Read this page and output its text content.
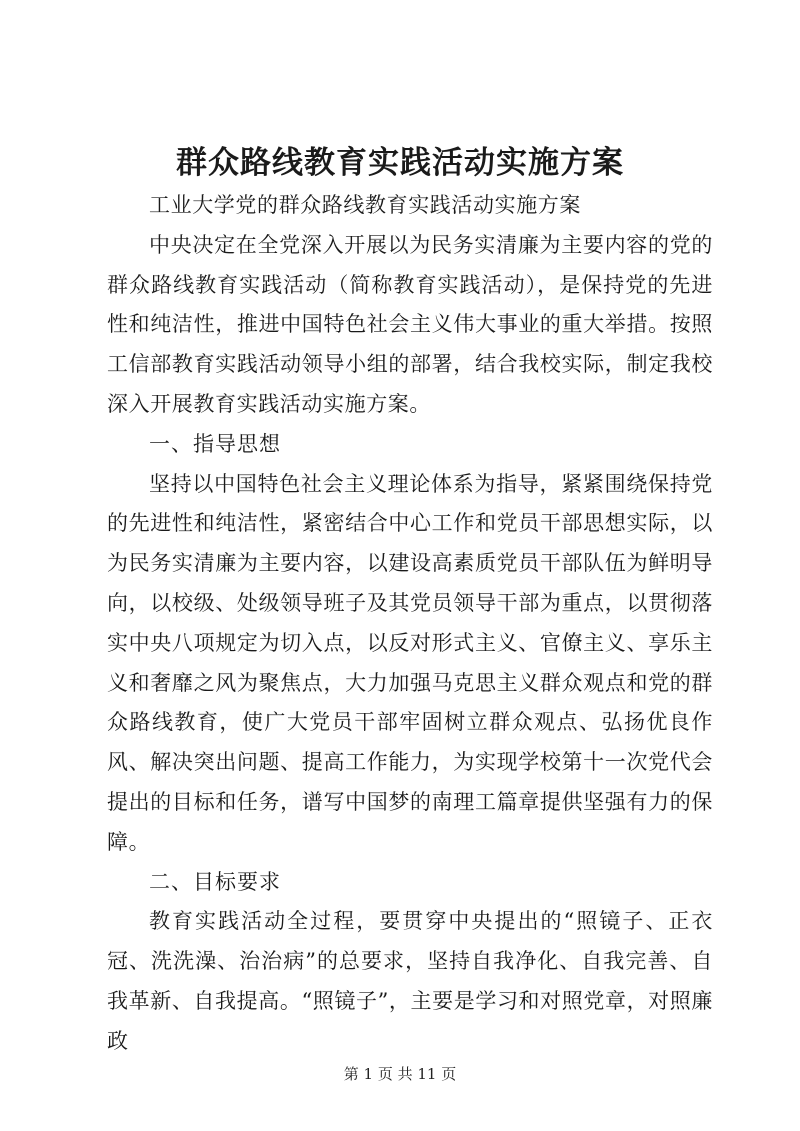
群众路线教育实践活动实施方案

工业大学党的群众路线教育实践活动实施方案

中央决定在全党深入开展以为民务实清廉为主要内容的党的群众路线教育实践活动（简称教育实践活动），是保持党的先进性和纯洁性，推进中国特色社会主义伟大事业的重大举措。按照工信部教育实践活动领导小组的部署，结合我校实际，制定我校深入开展教育实践活动实施方案。

一、指导思想

坚持以中国特色社会主义理论体系为指导，紧紧围绕保持党的先进性和纯洁性，紧密结合中心工作和党员干部思想实际，以为民务实清廉为主要内容，以建设高素质党员干部队伍为鲜明导向，以校级、处级领导班子及其党员领导干部为重点，以贯彻落实中央八项规定为切入点，以反对形式主义、官僚主义、享乐主义和奢靡之风为聚焦点，大力加强马克思主义群众观点和党的群众路线教育，使广大党员干部牢固树立群众观点、弘扬优良作风、解决突出问题、提高工作能力，为实现学校第十一次党代会提出的目标和任务，谱写中国梦的南理工篇章提供坚强有力的保障。

二、目标要求

教育实践活动全过程，要贯穿中央提出的“照镜子、正衣冠、洗洗澡、治治病”的总要求，坚持自我净化、自我完善、自我革新、自我提高。“照镜子”，主要是学习和对照党章，对照廉政

第 1 页 共 11 页
